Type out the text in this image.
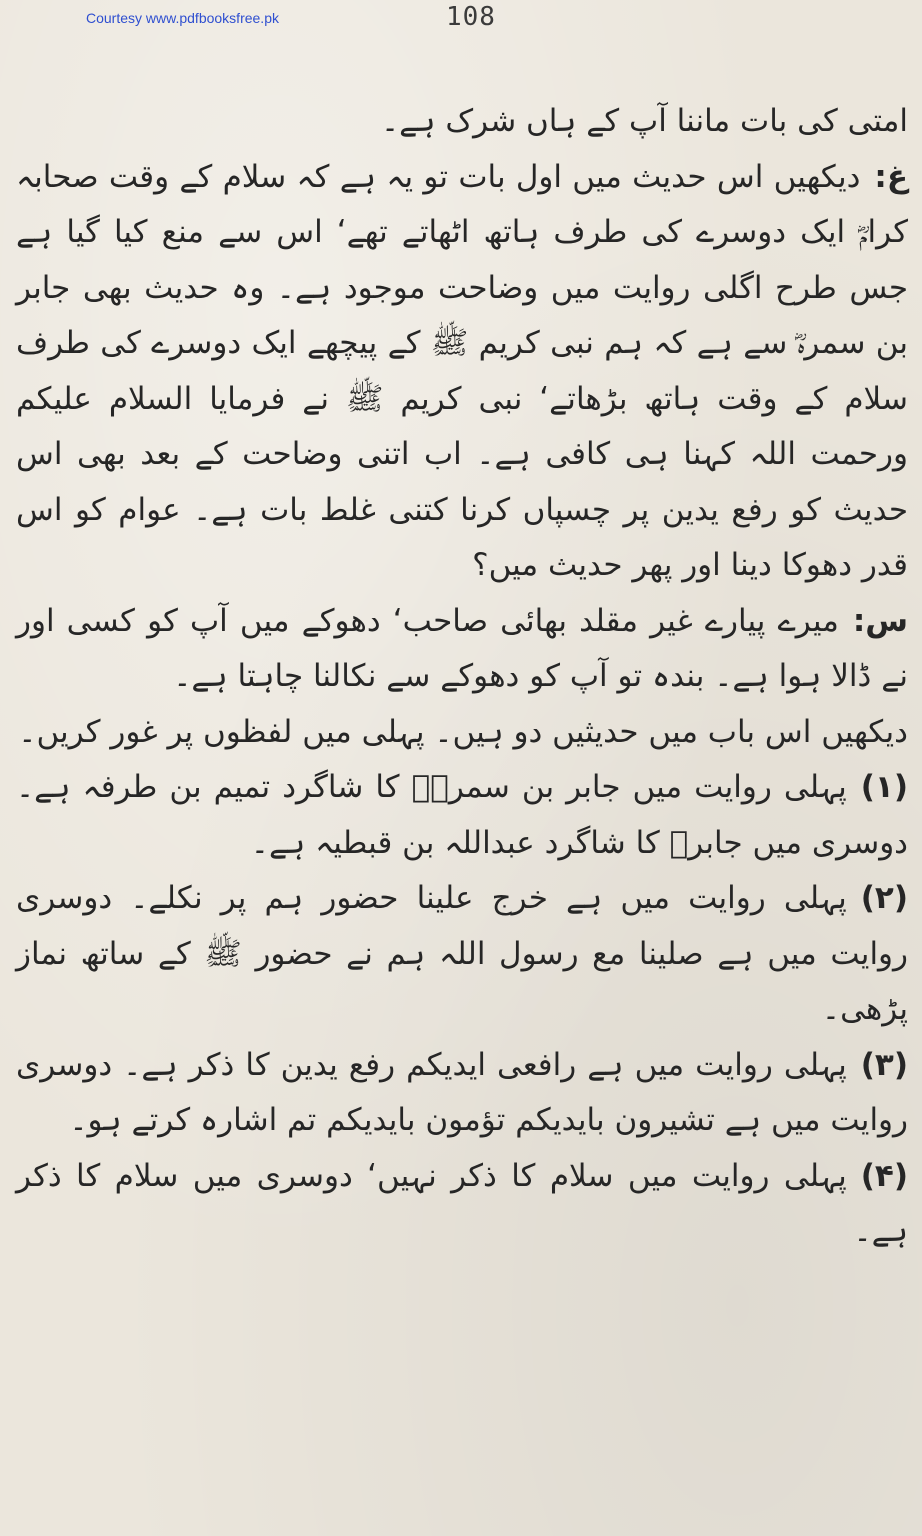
Courtesy www.pdfbooksfree.pk	108

امتی کی بات ماننا آپ کے ہاں شرک ہے۔

غ:دیکھیں اس حدیث میں اول بات تو یہ ہے کہ سلام کے وقت صحابہ کرامؓ ایک دوسرے کی طرف ہاتھ اٹھاتے تھے‘ اس سے منع کیا گیا ہے جس طرح اگلی روایت میں وضاحت موجود ہے۔ وہ حدیث بھی جابر بن سمرہؓ سے ہے کہ ہم نبی کریم ﷺ کے پیچھے ایک دوسرے کی طرف سلام کے وقت ہاتھ بڑھاتے‘ نبی کریم ﷺ نے فرمایا السلام علیکم ورحمت اللہ کہنا ہی کافی ہے۔ اب اتنی وضاحت کے بعد بھی اس حدیث کو رفع یدین پر چسپاں کرنا کتنی غلط بات ہے۔ عوام کو اس قدر دھوکا دینا اور پھر حدیث میں؟

س:میرے پیارے غیر مقلد بھائی صاحب‘ دھوکے میں آپ کو کسی اور نے ڈالا ہوا ہے۔ بندہ تو آپ کو دھوکے سے نکالنا چاہتا ہے۔

دیکھیں اس باب میں حدیثیں دو ہیں۔ پہلی میں لفظوں پر غور کریں۔

(۱)پہلی روایت میں جابر بن سمرہؓ کا شاگرد تمیم بن طرفہ ہے۔ دوسری میں جابرؓ کا شاگرد عبداللہ بن قبطیہ ہے۔

(۲)پہلی روایت میں ہے خرج علینا حضور ہم پر نکلے۔ دوسری روایت میں ہے صلینا مع رسول اللہ ہم نے حضور ﷺ کے ساتھ نماز پڑھی۔

(۳)پہلی روایت میں ہے رافعی ایدیکم رفع یدین کا ذکر ہے۔ دوسری روایت میں ہے تشیرون بایدیکم تؤمون بایدیکم تم اشارہ کرتے ہو۔

(۴)پہلی روایت میں سلام کا ذکر نہیں‘ دوسری میں سلام کا ذکر ہے۔
